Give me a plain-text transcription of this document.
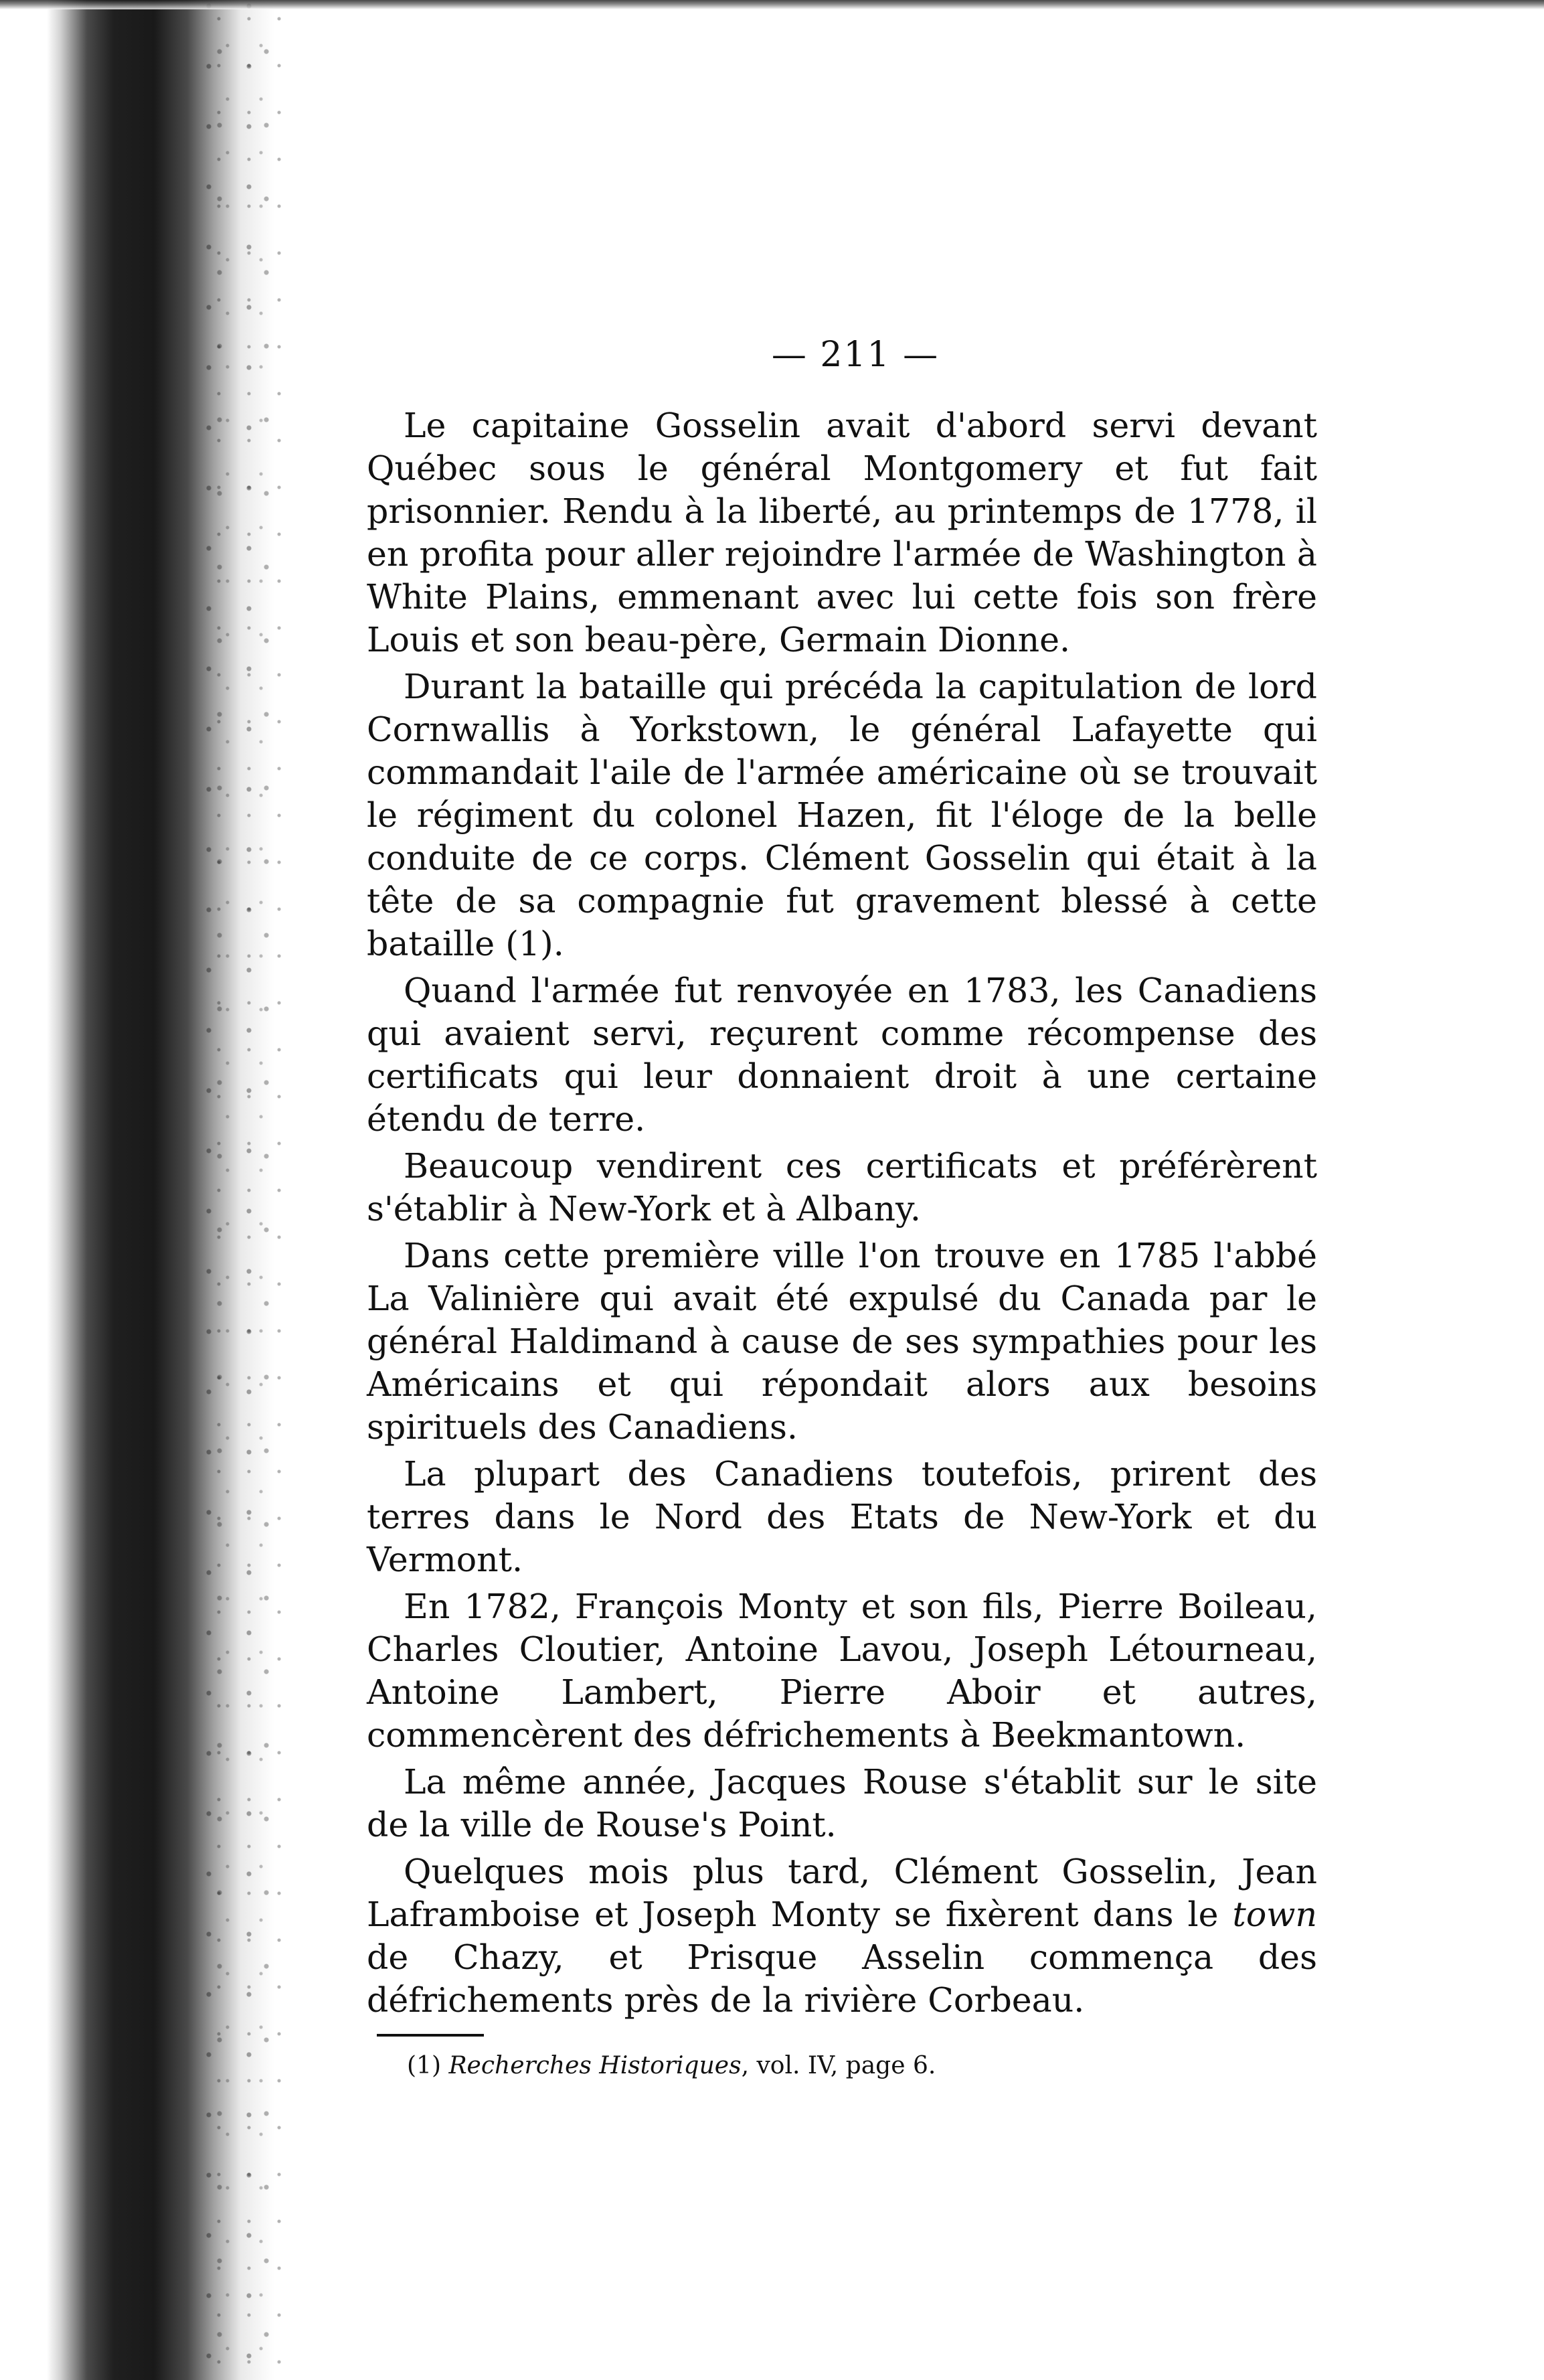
— 211 —

Le capitaine Gosselin avait d'abord servi devant Québec sous le général Montgomery et fut fait prisonnier. Rendu à la liberté, au printemps de 1778, il en profita pour aller rejoindre l'armée de Washington à White Plains, emmenant avec lui cette fois son frère Louis et son beau-père, Germain Dionne.

Durant la bataille qui précéda la capitulation de lord Cornwallis à Yorkstown, le général Lafayette qui commandait l'aile de l'armée américaine où se trouvait le régiment du colonel Hazen, fit l'éloge de la belle conduite de ce corps. Clément Gosselin qui était à la tête de sa compagnie fut gravement blessé à cette bataille (1).

Quand l'armée fut renvoyée en 1783, les Canadiens qui avaient servi, reçurent comme récompense des certificats qui leur donnaient droit à une certaine étendu de terre.

Beaucoup vendirent ces certificats et préférèrent s'établir à New-York et à Albany.

Dans cette première ville l'on trouve en 1785 l'abbé La Valinière qui avait été expulsé du Canada par le général Haldimand à cause de ses sympathies pour les Américains et qui répondait alors aux besoins spirituels des Canadiens.

La plupart des Canadiens toutefois, prirent des terres dans le Nord des Etats de New-York et du Vermont.

En 1782, François Monty et son fils, Pierre Boileau, Charles Cloutier, Antoine Lavou, Joseph Létourneau, Antoine Lambert, Pierre Aboir et autres, commencèrent des défrichements à Beekmantown.

La même année, Jacques Rouse s'établit sur le site de la ville de Rouse's Point.

Quelques mois plus tard, Clément Gosselin, Jean Laframboise et Joseph Monty se fixèrent dans le town de Chazy, et Prisque Asselin commença des défrichements près de la rivière Corbeau.

(1) Recherches Historiques, vol. IV, page 6.
